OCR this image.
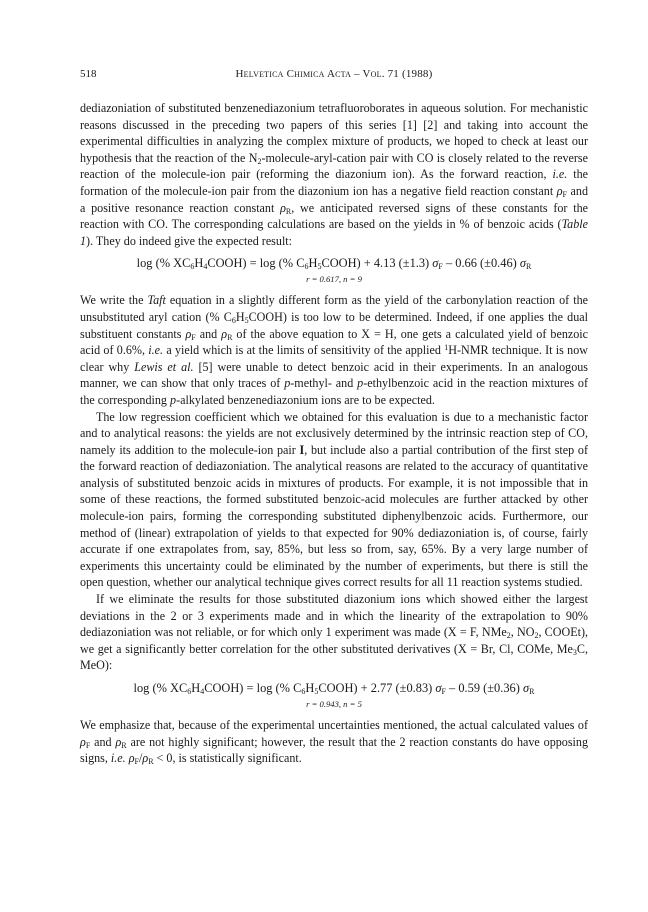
518	Helvetica Chimica Acta – Vol. 71 (1988)

dediazoniation of substituted benzenediazonium tetrafluoroborates in aqueous solution. For mechanistic reasons discussed in the preceding two papers of this series [1] [2] and taking into account the experimental difficulties in analyzing the complex mixture of products, we hoped to check at least our hypothesis that the reaction of the $N_2-molecule-aryl$-cation pair with CO is closely related to the reverse reaction of the molecule-ion pair (reforming the diazonium ion). As the forward reaction, i.e. the formation of the molecule-ion pair from the diazonium ion has a negative field reaction constant $\rho_F$ and a positive resonance reaction constant $\rho_R$, we anticipated reversed signs of these constants for the reaction with CO. The corresponding calculations are based on the yields in % of benzoic acids (Table 1). They do indeed give the expected result:

log (% $XC_6H_4COOH) = \log$ (% $C_6H_5COOH) + 4.13$ (±1.3) $\sigma_F - 0.66$ (±0.46) $\sigma_R$
r = 0.617, n = 9

We write the Taft equation in a slightly different form as the yield of the carbonylation reaction of the unsubstituted aryl cation (% $C_6H_5COOH$) is too low to be determined. Indeed, if one applies the dual substituent constants $\rho_F$ and $\rho_R$ of the above equation to X = H, one gets a calculated yield of benzoic acid of 0.6%, i.e. a yield which is at the limits of sensitivity of the applied $^1$H-NMR technique. It is now clear why Lewis et al. [5] were unable to detect benzoic acid in their experiments. In an analogous manner, we can show that only traces of p-methyl- and p-ethylbenzoic acid in the reaction mixtures of the corresponding p-alkylated benzenediazonium ions are to be expected.

The low regression coefficient which we obtained for this evaluation is due to a mechanistic factor and to analytical reasons: the yields are not exclusively determined by the intrinsic reaction step of CO, namely its addition to the molecule-ion pair I, but include also a partial contribution of the first step of the forward reaction of dediazoniation. The analytical reasons are related to the accuracy of quantitative analysis of substituted benzoic acids in mixtures of products. For example, it is not impossible that in some of these reactions, the formed substituted benzoic-acid molecules are further attacked by other molecule-ion pairs, forming the corresponding substituted diphenylbenzoic acids. Furthermore, our method of (linear) extrapolation of yields to that expected for 90% dediazoniation is, of course, fairly accurate if one extrapolates from, say, 85%, but less so from, say, 65%. By a very large number of experiments this uncertainty could be eliminated by the number of experiments, but there is still the open question, whether our analytical technique gives correct results for all 11 reaction systems studied.

If we eliminate the results for those substituted diazonium ions which showed either the largest deviations in the 2 or 3 experiments made and in which the linearity of the extrapolation to 90% dediazoniation was not reliable, or for which only 1 experiment was made (X = F, NMe$_2$, $NO_2$, COOEt), we get a significantly better correlation for the other substituted derivatives (X = Br, Cl, COMe, $Me_3C$, MeO):

log (% $XC_6H_4COOH) = \log$ (% $C_6H_5COOH) + 2.77$ (±0.83) $\sigma_F - 0.59$ (±0.36) $\sigma_R$
r = 0.943, n = 5

We emphasize that, because of the experimental uncertainties mentioned, the actual calculated values of $\rho_F$ and $\rho_R$ are not highly significant; however, the result that the 2 reaction constants do have opposing signs, i.e. $\rho_F/\rho_R < 0$, is statistically significant.
